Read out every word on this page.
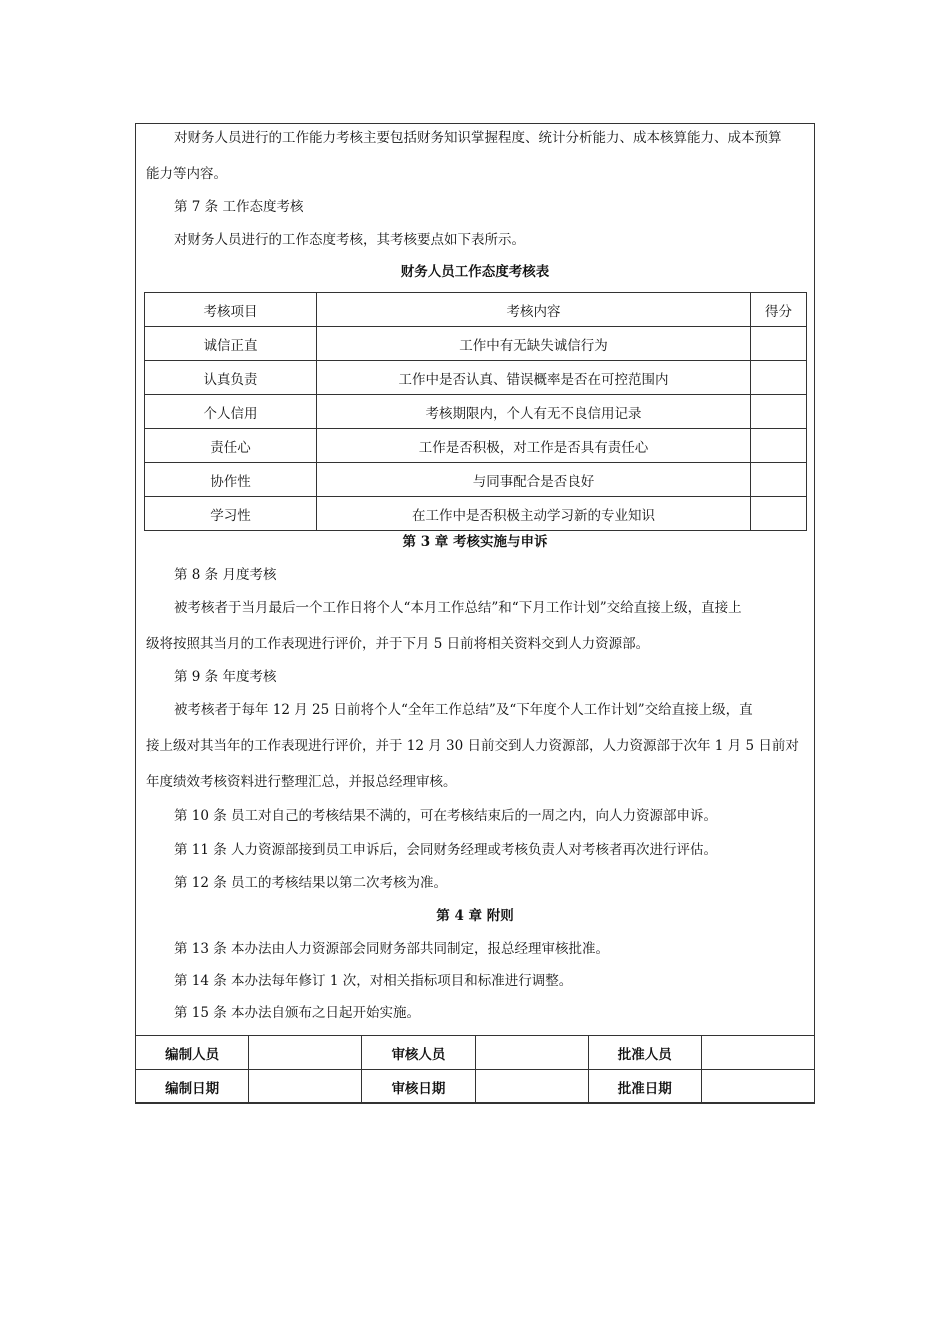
对财务人员进行的工作能力考核主要包括财务知识掌握程度、统计分析能力、成本核算能力、成本预算

能力等内容。

第 7 条 工作态度考核

对财务人员进行的工作态度考核，其考核要点如下表所示。

财务人员工作态度考核表

考核项目	考核内容	得分
诚信正直	工作中有无缺失诚信行为	
认真负责	工作中是否认真、错误概率是否在可控范围内	
个人信用	考核期限内，个人有无不良信用记录	
责任心	工作是否积极，对工作是否具有责任心	
协作性	与同事配合是否良好	
学习性	在工作中是否积极主动学习新的专业知识	

第 3 章 考核实施与申诉

第 8 条 月度考核

被考核者于当月最后一个工作日将个人“本月工作总结”和“下月工作计划”交给直接上级，直接上

级将按照其当月的工作表现进行评价，并于下月 5 日前将相关资料交到人力资源部。

第 9 条 年度考核

被考核者于每年 12 月 25 日前将个人“全年工作总结”及“下年度个人工作计划”交给直接上级，直

接上级对其当年的工作表现进行评价，并于 12 月 30 日前交到人力资源部，人力资源部于次年 1 月 5 日前对

年度绩效考核资料进行整理汇总，并报总经理审核。

第 10 条 员工对自己的考核结果不满的，可在考核结束后的一周之内，向人力资源部申诉。

第 11 条 人力资源部接到员工申诉后，会同财务经理或考核负责人对考核者再次进行评估。

第 12 条 员工的考核结果以第二次考核为准。

第 4 章 附则

第 13 条 本办法由人力资源部会同财务部共同制定，报总经理审核批准。

第 14 条 本办法每年修订 1 次，对相关指标项目和标准进行调整。

第 15 条 本办法自颁布之日起开始实施。

编制人员		审核人员		批准人员	
编制日期		审核日期		批准日期	
